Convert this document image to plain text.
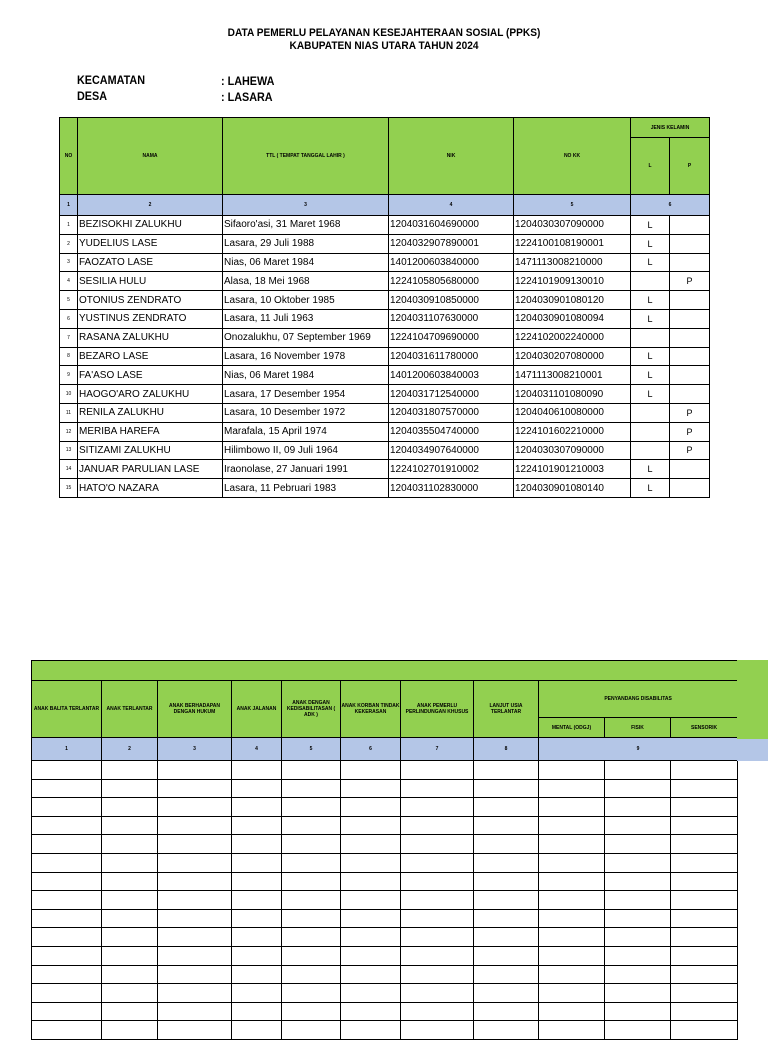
DATA PEMERLU PELAYANAN KESEJAHTERAAN SOSIAL (PPKS)
KABUPATEN NIAS UTARA TAHUN 2024
KECAMATAN	: LAHEWA
DESA	: LASARA
NO	NAMA	TTL ( TEMPAT TANGGAL LAHIR )	NIK	NO KK	JENIS KELAMIN	
					L	P
1	2	3	4	5	6	
1	BEZISOKHI ZALUKHU	Sifaoro'asi, 31 Maret 1968	1204031604690000	1204030307090000	L	
2	YUDELIUS LASE	Lasara, 29 Juli 1988	1204032907890001	1224100108190001	L	
3	FAOZATO LASE	Nias, 06 Maret 1984	1401200603840000	1471113008210000	L	
4	SESILIA HULU	Alasa, 18 Mei 1968	1224105805680000	1224101909130010		P
5	OTONIUS ZENDRATO	Lasara, 10 Oktober 1985	1204030910850000	1204030901080120	L	
6	YUSTINUS ZENDRATO	Lasara, 11 Juli 1963	1204031107630000	1204030901080094	L	
7	RASANA ZALUKHU	Onozalukhu, 07 September 1969	1224104709690000	1224102002240000		
8	BEZARO LASE	Lasara, 16 November 1978	1204031611780000	1204030207080000	L	
9	FA'ASO LASE	Nias, 06 Maret 1984	1401200603840003	1471113008210001	L	
10	HAOGO'ARO ZALUKHU	Lasara, 17 Desember 1954	1204031712540000	1204031101080090	L	
11	RENILA ZALUKHU	Lasara, 10 Desember 1972	1204031807570000	1204040610080000		P
12	MERIBA HAREFA	Marafala, 15 April 1974	1204035504740000	1224101602210000		P
13	SITIZAMI ZALUKHU	Hilimbowo II, 09 Juli 1964	1204034907640000	1204030307090000		P
14	JANUAR PARULIAN LASE	Iraonolase, 27 Januari 1991	1224102701910002	1224101901210003	L	
15	HATO'O NAZARA	Lasara, 11 Pebruari 1983	1204031102830000	1204030901080140	L	

ANAK BALITA TERLANTAR	ANAK TERLANTAR	ANAK BERHADAPAN DENGAN HUKUM	ANAK JALANAN	ANAK DENGAN KEDISABILITASAN ( ADK )	ANAK KORBAN TINDAK KEKERASAN	ANAK PEMERLU PERLINDUNGAN KHUSUS	LANJUT USIA TERLANTAR	PENYANDANG DISABILITAS		
								MENTAL (ODGJ)	FISIK	SENSORIK
1	2	3	4	5	6	7	8	9		
